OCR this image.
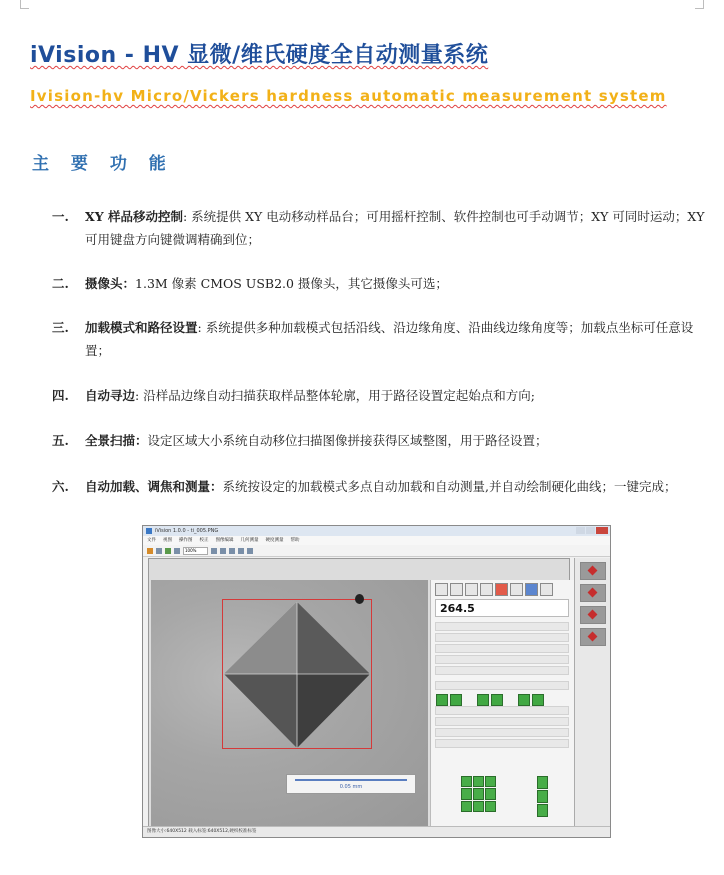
iVision - HV 显微/维氏硬度全自动测量系统
Ivision-hv Micro/Vickers hardness automatic measurement system
主 要 功 能
一.	XY 样品移动控制: 系统提供 XY 电动移动样品台；可用摇杆控制、软件控制也可手动调节；XY 可同时运动；XY 可用键盘方向键微调精确到位；
二.	摄像头：1.3M 像素 CMOS USB2.0 摄像头，其它摄像头可选；
三.	加载模式和路径设置: 系统提供多种加载模式包括沿线、沿边缘角度、沿曲线边缘角度等；加载点坐标可任意设置；
四.	自动寻边: 沿样品边缘自动扫描获取样品整体轮廓，用于路径设置定起始点和方向;
五.	全景扫描：设定区域大小系统自动移位扫描图像拼接获得区域整图，用于路径设置；
六.	自动加载、调焦和测量：系统按设定的加载模式多点自动加载和自动测量,并自动绘制硬化曲线；一键完成；
iVision 1.0.0 - ti_005.PNG
文件 视图 操作图 校正 图像编辑 几何测量 硬度测量 帮助
100%
0.05 mm
264.5
图像大小:640X512 载入标签:640X512,硬织校准标签
